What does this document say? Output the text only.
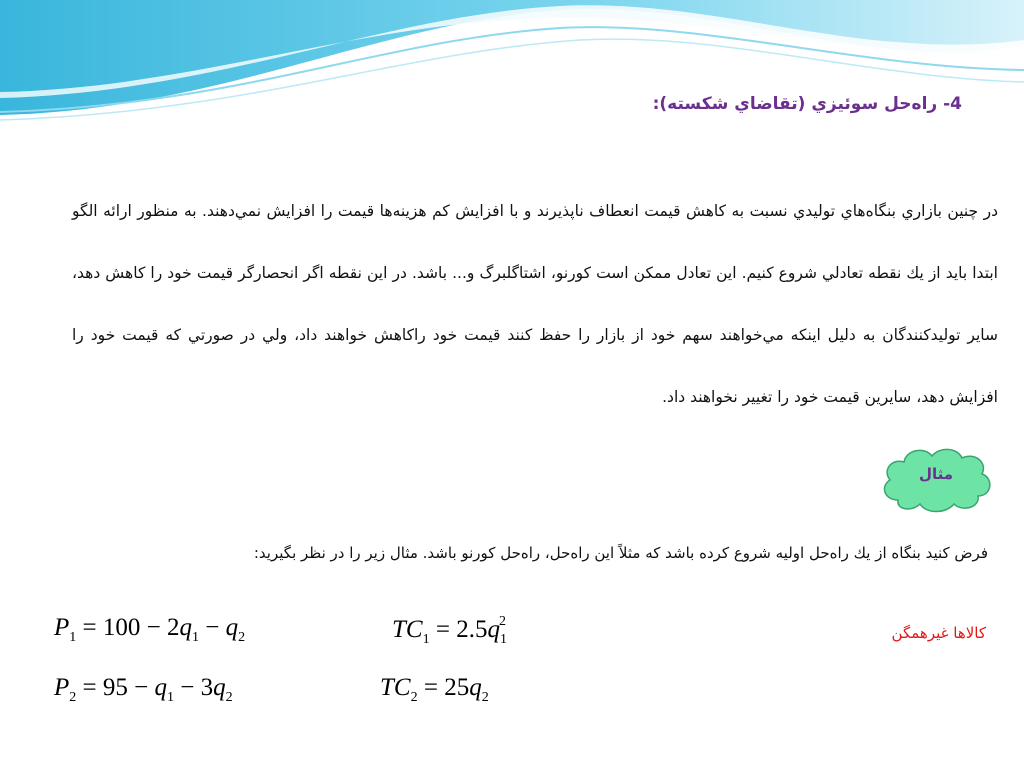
4- راه‌حل سوئيزي (تقاضاي شكسته):
در چنين بازاري بنگاه‌هاي توليدي نسبت به كاهش قيمت انعطاف ناپذيرند و با افزايش كم هزينه‌ها قيمت را افزايش نمي‌دهند. به منظور ارائه الگو ابتدا بايد از يك نقطه تعادلي شروع كنيم. اين تعادل ممكن است كورنو، اشتاگلبرگ و... باشد. در اين نقطه اگر انحصارگر قيمت خود را كاهش دهد، ساير توليدكنندگان به دليل اينكه مي‌خواهند سهم خود از بازار را حفظ كنند قيمت خود راكاهش خواهند داد، ولي در صورتي كه قيمت خود را افزايش دهد، سايرين قيمت خود را تغيير نخواهند داد.
مثال
فرض كنيد بنگاه از يك راه‌حل اوليه شروع كرده باشد كه مثلاً اين راه‌حل، راه‌حل كورنو باشد. مثال زير را در نظر بگيريد:
$P_1 = 100 - 2q_1 - q_2$
$P_2 = 95 - q_1 - 3q_2$
$TC_1 = 2.5q_1^2$
$TC_2 = 25q_2$
كالاها غيرهمگن
